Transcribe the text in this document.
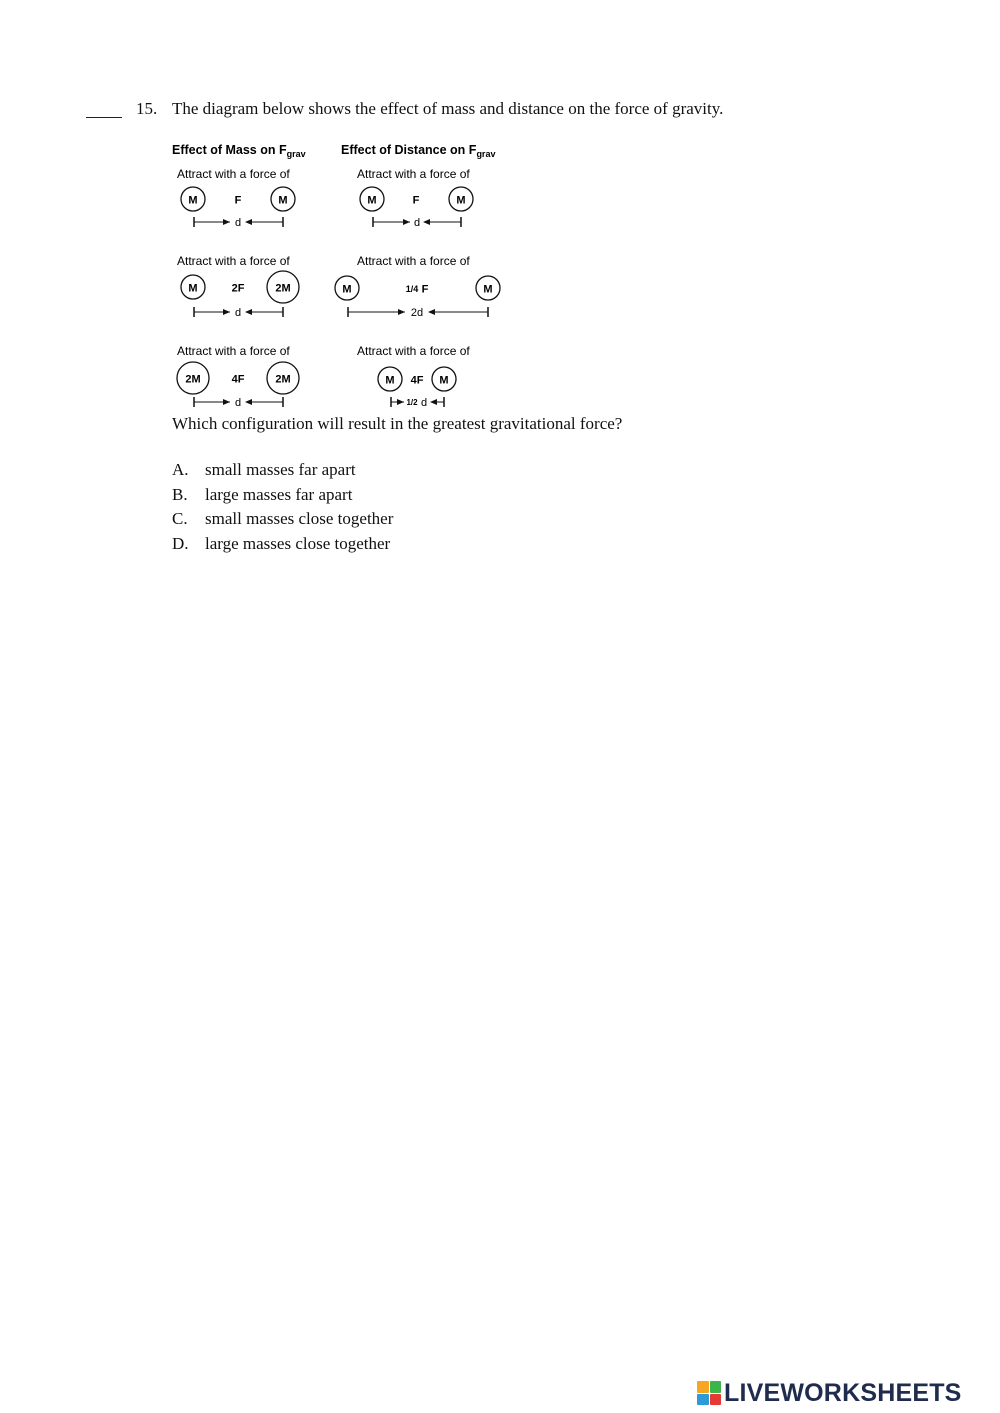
15. The diagram below shows the effect of mass and distance on the force of gravity.
Effect of Mass on $F_{grav}$	Effect of Distance on $F_{grav}$
Attract with a force of
M	F	M
d
Attract with a force of
M	F	M
d
Attract with a force of
M	2F	2M
d
Attract with a force of
M	1/4 F	M
2d
Attract with a force of
2M	4F	2M
d
Attract with a force of
M 4F M
1/2 d
Which configuration will result in the greatest gravitational force?
A. small masses far apart
B. large masses far apart
C. small masses close together
D. large masses close together
LIVEWORKSHEETS
